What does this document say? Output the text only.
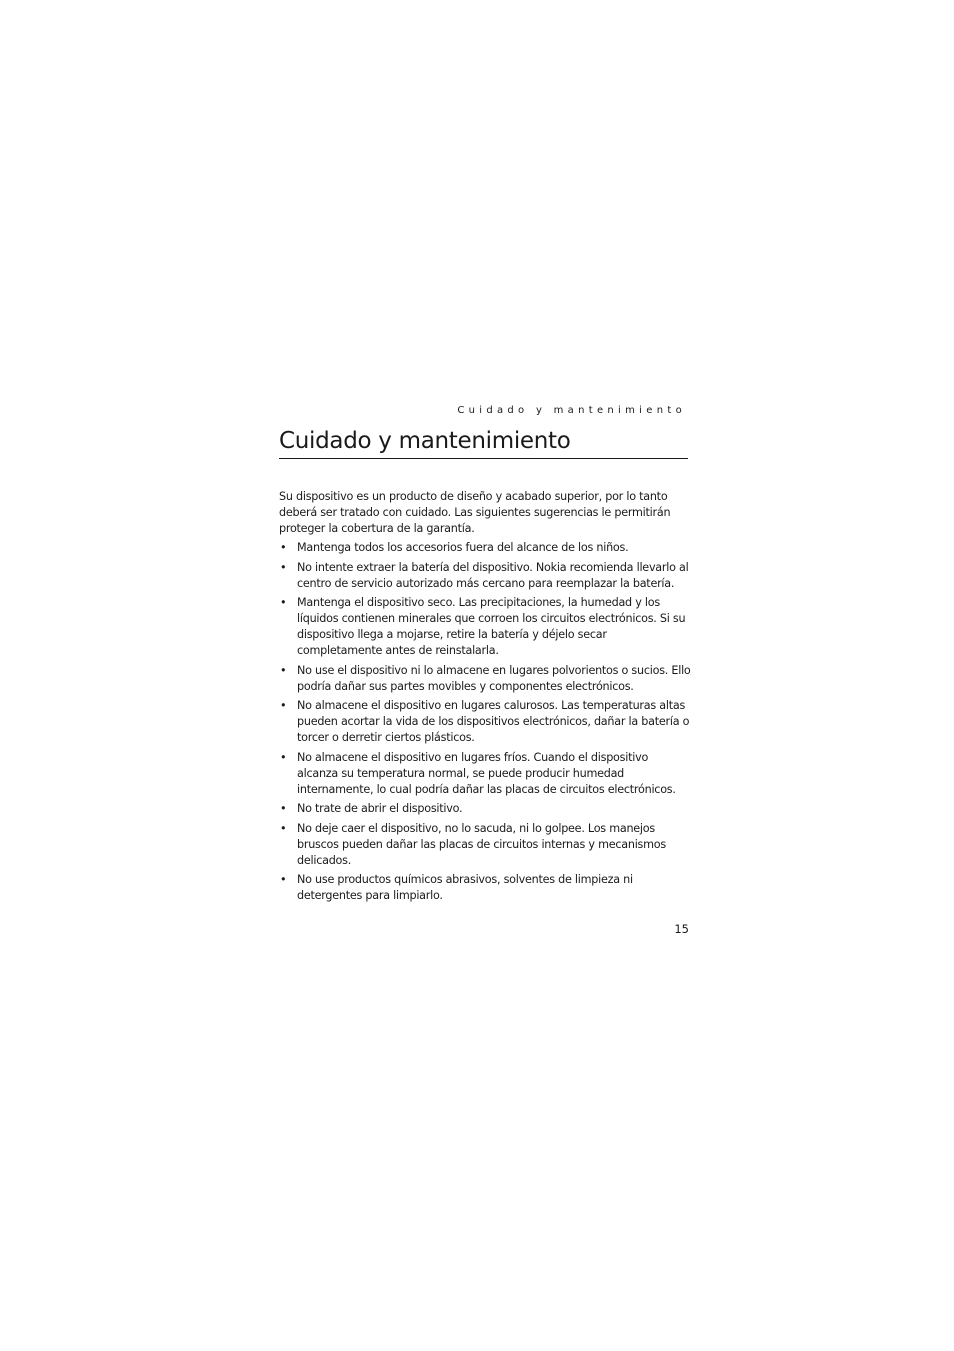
Cuidado y mantenimiento
Cuidado y mantenimiento

Su dispositivo es un producto de diseño y acabado superior, por lo tanto deberá ser tratado con cuidado. Las siguientes sugerencias le permitirán proteger la cobertura de la garantía.

• Mantenga todos los accesorios fuera del alcance de los niños.
• No intente extraer la batería del dispositivo. Nokia recomienda llevarlo al centro de servicio autorizado más cercano para reemplazar la batería.
• Mantenga el dispositivo seco. Las precipitaciones, la humedad y los líquidos contienen minerales que corroen los circuitos electrónicos. Si su dispositivo llega a mojarse, retire la batería y déjelo secar completamente antes de reinstalarla.
• No use el dispositivo ni lo almacene en lugares polvorientos o sucios. Ello podría dañar sus partes movibles y componentes electrónicos.
• No almacene el dispositivo en lugares calurosos. Las temperaturas altas pueden acortar la vida de los dispositivos electrónicos, dañar la batería o torcer o derretir ciertos plásticos.
• No almacene el dispositivo en lugares fríos. Cuando el dispositivo alcanza su temperatura normal, se puede producir humedad internamente, lo cual podría dañar las placas de circuitos electrónicos.
• No trate de abrir el dispositivo.
• No deje caer el dispositivo, no lo sacuda, ni lo golpee. Los manejos bruscos pueden dañar las placas de circuitos internas y mecanismos delicados.
• No use productos químicos abrasivos, solventes de limpieza ni detergentes para limpiarlo.
15
